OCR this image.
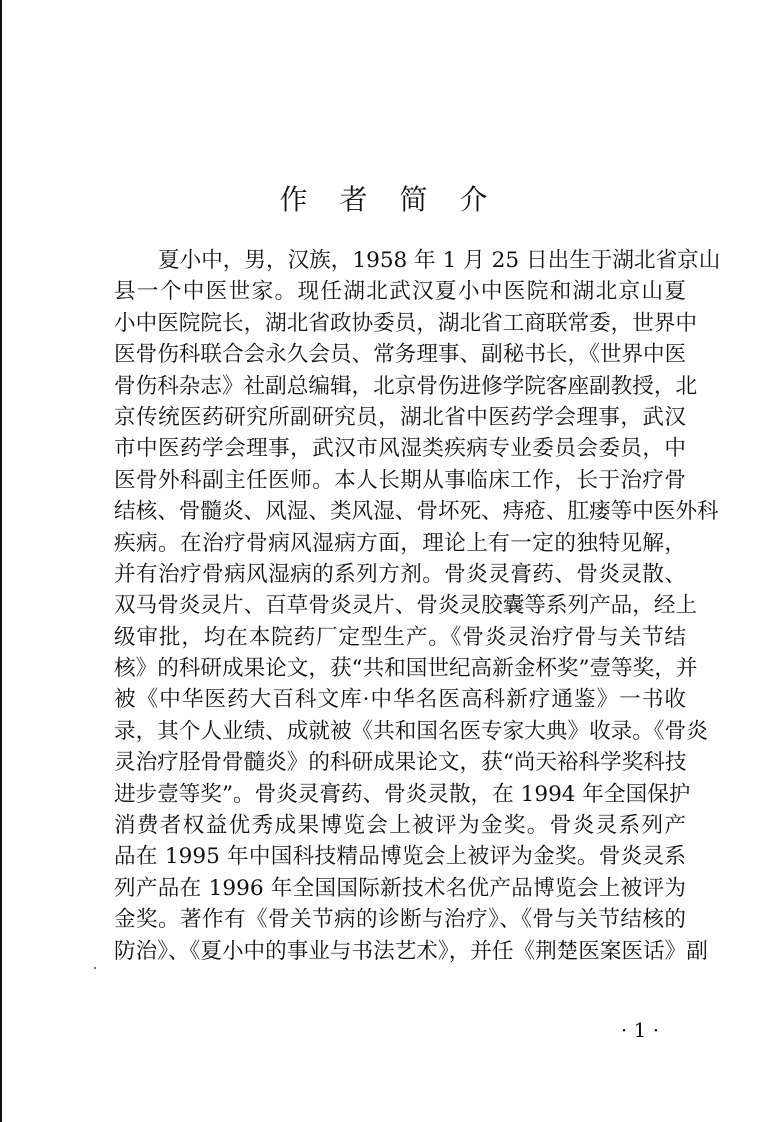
作 者 简 介
夏小中，男，汉族，1958 年 1 月 25 日出生于湖北省京山
县一个中医世家。现任湖北武汉夏小中医院和湖北京山夏
小中医院院长，湖北省政协委员，湖北省工商联常委，世界中
医骨伤科联合会永久会员、常务理事、副秘书长，《世界中医
骨伤科杂志》社副总编辑，北京骨伤进修学院客座副教授，北
京传统医药研究所副研究员，湖北省中医药学会理事，武汉
市中医药学会理事，武汉市风湿类疾病专业委员会委员，中
医骨外科副主任医师。本人长期从事临床工作，长于治疗骨
结核、骨髓炎、风湿、类风湿、骨坏死、痔疮、肛瘘等中医外科
疾病。在治疗骨病风湿病方面，理论上有一定的独特见解，
并有治疗骨病风湿病的系列方剂。骨炎灵膏药、骨炎灵散、
双马骨炎灵片、百草骨炎灵片、骨炎灵胶囊等系列产品，经上
级审批，均在本院药厂定型生产。《骨炎灵治疗骨与关节结
核》的科研成果论文，获“共和国世纪高新金杯奖”壹等奖，并
被《中华医药大百科文库·中华名医高科新疗通鉴》一书收
录，其个人业绩、成就被《共和国名医专家大典》收录。《骨炎
灵治疗胫骨骨髓炎》的科研成果论文，获“尚天裕科学奖科技
进步壹等奖”。骨炎灵膏药、骨炎灵散，在 1994 年全国保护
消费者权益优秀成果博览会上被评为金奖。骨炎灵系列产
品在 1995 年中国科技精品博览会上被评为金奖。骨炎灵系
列产品在 1996 年全国国际新技术名优产品博览会上被评为
金奖。著作有《骨关节病的诊断与治疗》、《骨与关节结核的
防治》、《夏小中的事业与书法艺术》，并任《荆楚医案医话》副
· 1 ·
